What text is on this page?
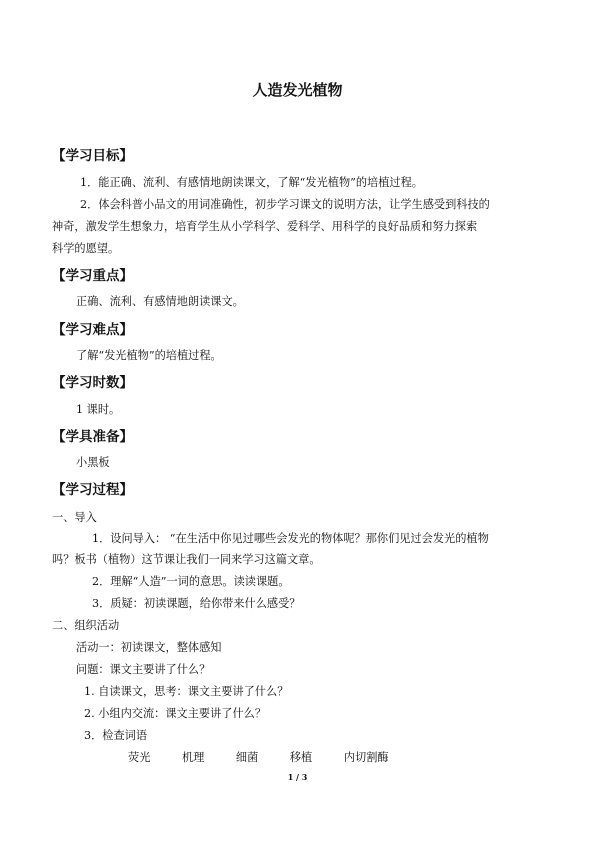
人造发光植物
【学习目标】
1．能正确、流利、有感情地朗读课文，了解“发光植物”的培植过程。
2．体会科普小品文的用词准确性，初步学习课文的说明方法，让学生感受到科技的
神奇，激发学生想象力，培育学生从小学科学、爱科学、用科学的良好品质和努力探索
科学的愿望。
【学习重点】
正确、流利、有感情地朗读课文。
【学习难点】
了解“发光植物”的培植过程。
【学习时数】
1 课时。
【学具准备】
小黑板
【学习过程】
一、导入
1．设问导入： “在生活中你见过哪些会发光的物体呢？那你们见过会发光的植物
吗？板书（植物）这节课让我们一同来学习这篇文章。
2．理解“人造”一词的意思。读读课题。
3．质疑：初读课题，给你带来什么感受？
二、组织活动
活动一：初读课文，整体感知
问题：课文主要讲了什么？
1. 自读课文，思考：课文主要讲了什么？
2. 小组内交流：课文主要讲了什么？
3．检查词语
荧光	机理	细菌	移植	内切割酶
1 / 3
